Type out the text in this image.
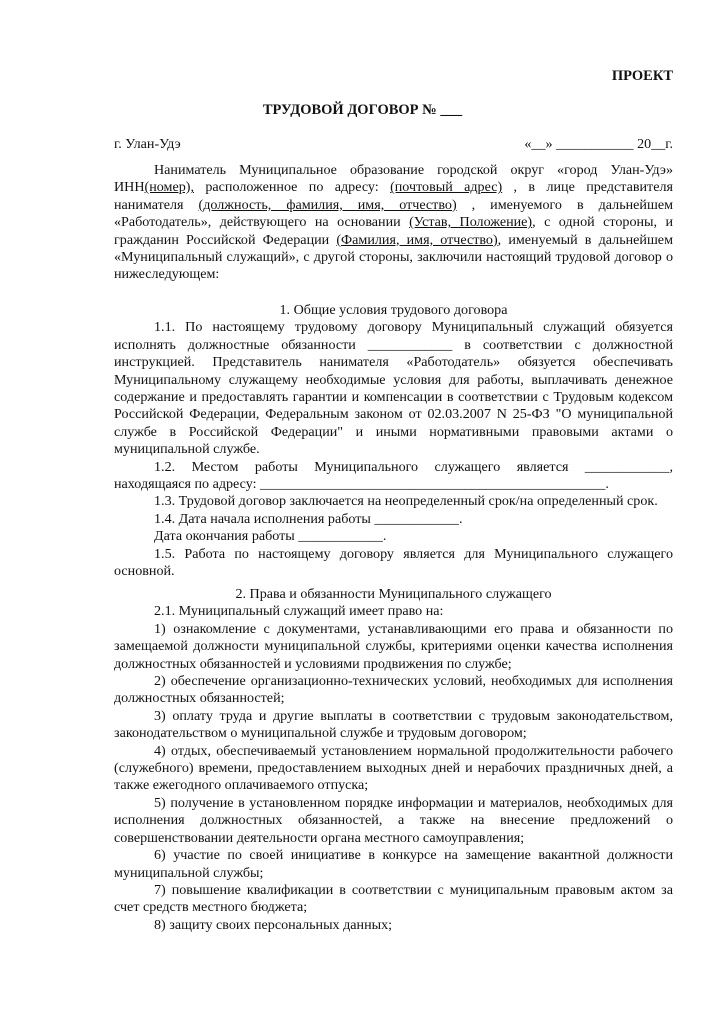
ПРОЕКТ
ТРУДОВОЙ ДОГОВОР № ___
г. Улан-Удэ	«__» ___________ 20__г.

Наниматель Муниципальное образование городской округ «город Улан-Удэ» ИНН(номер), расположенное по адресу: (почтовый адрес) , в лице представителя нанимателя (должность, фамилия, имя, отчество) , именуемого в дальнейшем «Работодатель», действующего на основании (Устав, Положение), с одной стороны, и гражданин Российской Федерации (Фамилия, имя, отчество), именуемый в дальнейшем «Муниципальный служащий», с другой стороны, заключили настоящий трудовой договор о нижеследующем:

1. Общие условия трудового договора

1.1. По настоящему трудовому договору Муниципальный служащий обязуется исполнять должностные обязанности ____________ в соответствии с должностной инструкцией. Представитель нанимателя «Работодатель» обязуется обеспечивать Муниципальному служащему необходимые условия для работы, выплачивать денежное содержание и предоставлять гарантии и компенсации в соответствии с Трудовым кодексом Российской Федерации, Федеральным законом от 02.03.2007 N 25-ФЗ "О муниципальной службе в Российской Федерации" и иными нормативными правовыми актами о муниципальной службе.

1.2. Местом работы Муниципального служащего является ____________, находящаяся по адресу: _________________________________________________.

1.3. Трудовой договор заключается на неопределенный срок/на определенный срок.

1.4. Дата начала исполнения работы ____________.

Дата окончания работы ____________.

1.5. Работа по настоящему договору является для Муниципального служащего основной.

2. Права и обязанности Муниципального служащего

2.1. Муниципальный служащий имеет право на:

1) ознакомление с документами, устанавливающими его права и обязанности по замещаемой должности муниципальной службы, критериями оценки качества исполнения должностных обязанностей и условиями продвижения по службе;

2) обеспечение организационно-технических условий, необходимых для исполнения должностных обязанностей;

3) оплату труда и другие выплаты в соответствии с трудовым законодательством, законодательством о муниципальной службе и трудовым договором;

4) отдых, обеспечиваемый установлением нормальной продолжительности рабочего (служебного) времени, предоставлением выходных дней и нерабочих праздничных дней, а также ежегодного оплачиваемого отпуска;

5) получение в установленном порядке информации и материалов, необходимых для исполнения должностных обязанностей, а также на внесение предложений о совершенствовании деятельности органа местного самоуправления;

6) участие по своей инициативе в конкурсе на замещение вакантной должности муниципальной службы;

7) повышение квалификации в соответствии с муниципальным правовым актом за счет средств местного бюджета;

8) защиту своих персональных данных;
